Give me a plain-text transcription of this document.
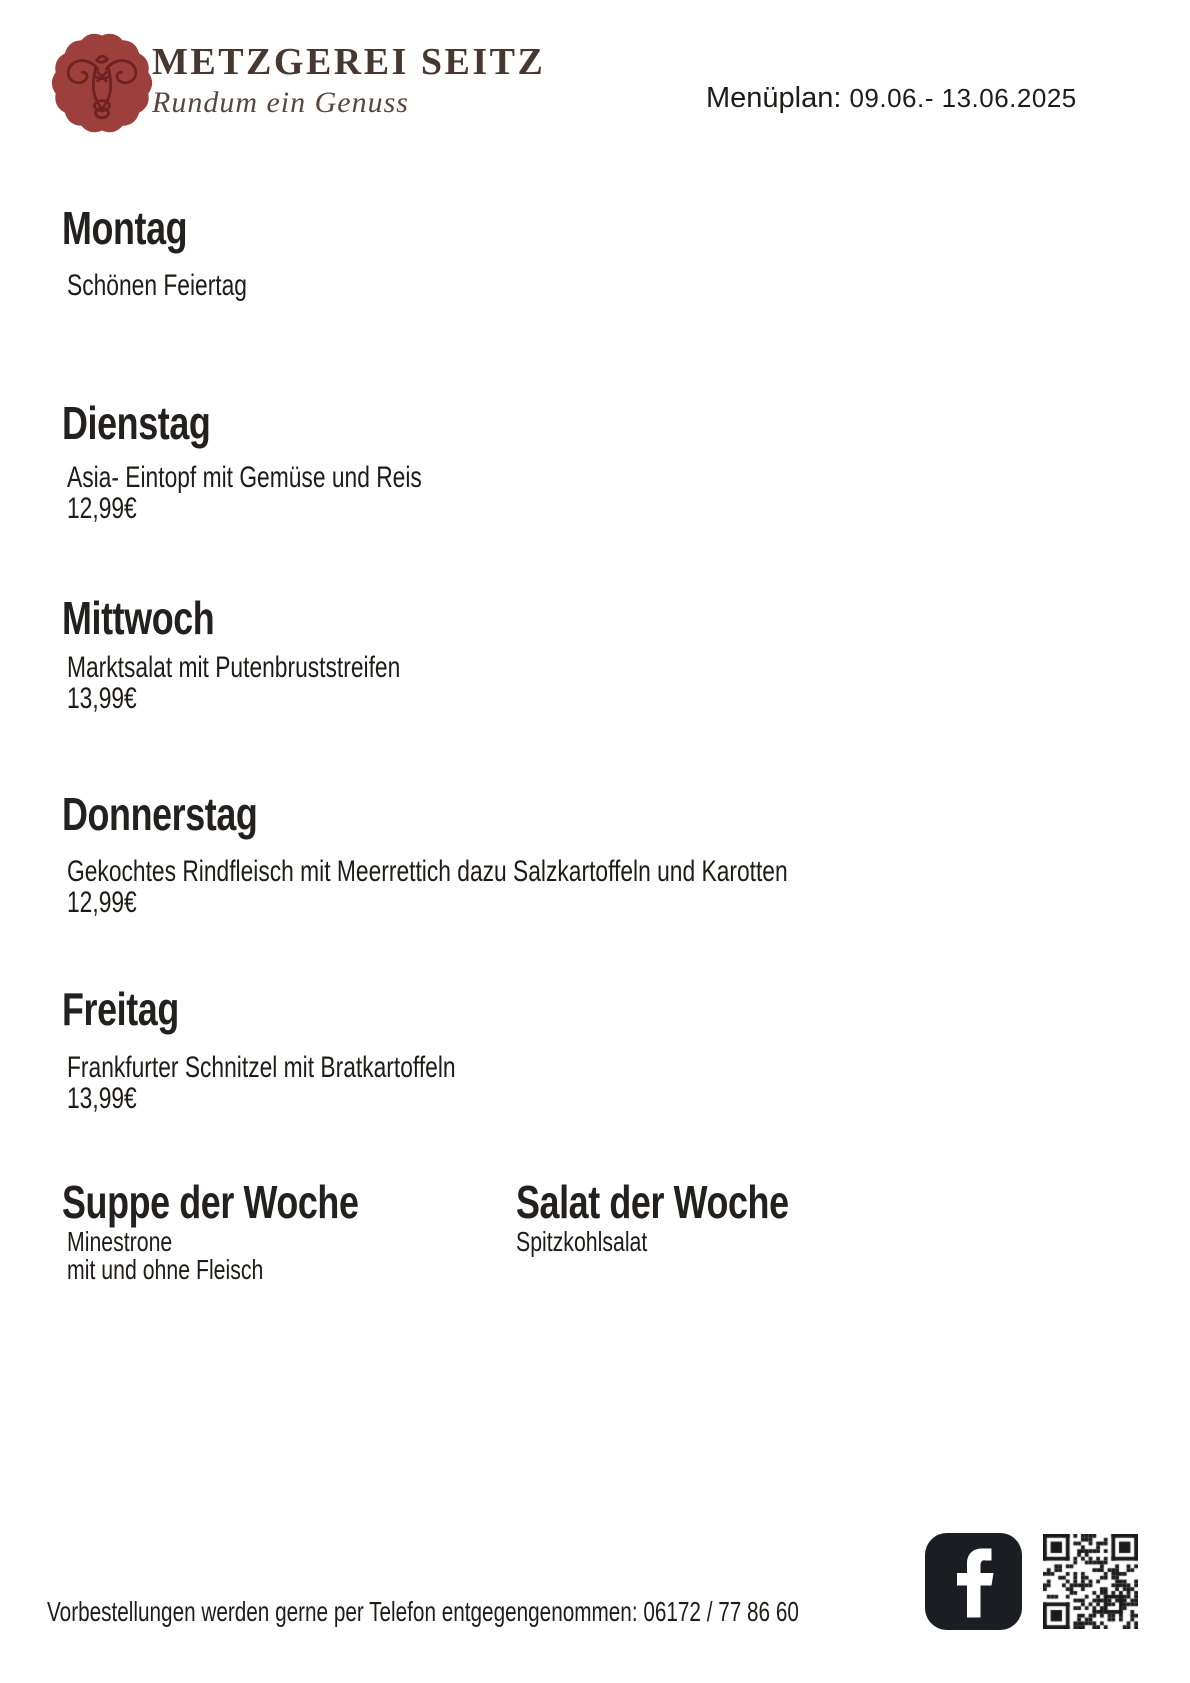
METZGEREI SEITZ
Rundum ein Genuss	Menüplan: 09.06.- 13.06.2025
Montag
Dienstag
Mittwoch
Donnerstag
Freitag
Schönen Feiertag

Asia- Eintopf mit Gemüse und Reis
12,99€
Marktsalat mit Putenbruststreifen
13,99€
Gekochtes Rindfleisch mit Meerrettich dazu Salzkartoffeln und Karotten
12,99€
Frankfurter Schnitzel mit Bratkartoffeln
13,99€
Suppe der Woche	Salat der Woche
Minestrone
mit und ohne Fleisch
Spitzkohlsalat

Vorbestellungen werden gerne per Telefon entgegengenommen: 06172 / 77 86 60
